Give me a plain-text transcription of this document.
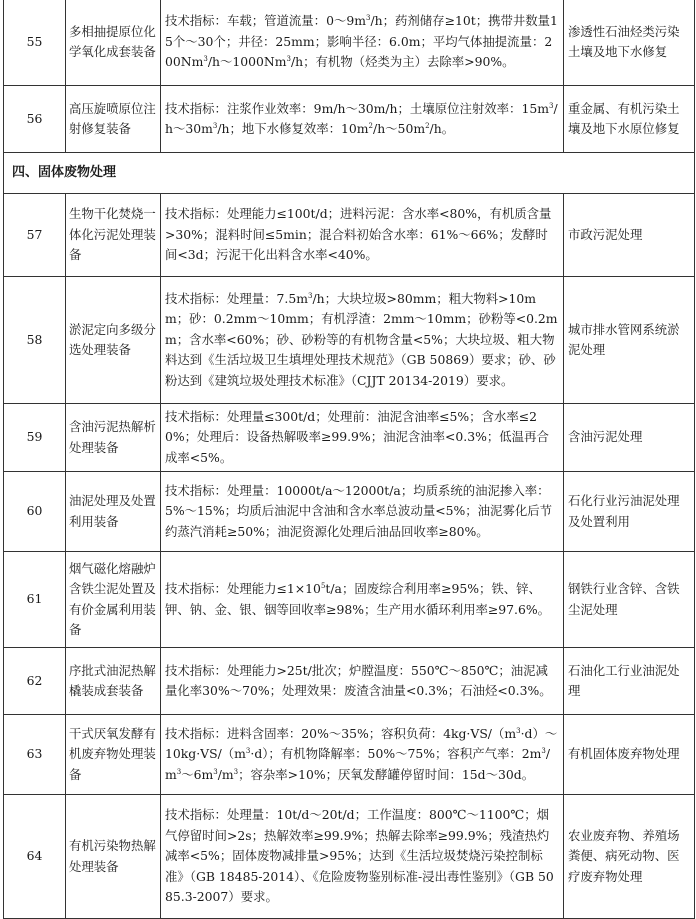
55	多相抽提原位化学氧化成套装备	技术指标：车载；管道流量：$0\sim 9m^3/h$；药剂储存≥10t；携带井数量15个～30个；井径：25mm；影响半径：6.0m；平均气体抽提流量：200Nm$^3$/h～1000Nm$^3$/h；有机物（烃类为主）去除率>90%。	渗透性石油烃类污染土壤及地下水修复
56	高压旋喷原位注射修复装备	技术指标：注浆作业效率：9m/h～30m/h；土壤原位注射效率：$15m^3/h\sim 30m^3/h$；地下水修复效率：$10m^2/h\sim 50m^2/h$。	重金属、有机污染土壤及地下水原位修复
四、固体废物处理			
57	生物干化焚烧一体化污泥处理装备	技术指标：处理能力≤100t/d；进料污泥：含水率<80%，有机质含量>30%；混料时间≤5min；混合料初始含水率：61%～66%；发酵时间<3d；污泥干化出料含水率<40%。	市政污泥处理
58	淤泥定向多级分选处理装备	技术指标：处理量：$7.5m^3/h$；大块垃圾>80mm；粗大物料>10mm；砂：0.2mm～10mm；有机浮渣：2mm～10mm；砂粉等<0.2mm；含水率<60%；砂、砂粉等的有机物含量<5%；大块垃圾、粗大物料达到《生活垃圾卫生填埋处理技术规范》（GB 50869）要求；砂、砂粉达到《建筑垃圾处理技术标准》（CJJT 20134-2019）要求。	城市排水管网系统淤泥处理
59	含油污泥热解析处理装备	技术指标：处理量≤300t/d；处理前：油泥含油率≤5%；含水率≤20%；处理后：设备热解吸率≥99.9%；油泥含油率<0.3%；低温再合成率<5%。	含油污泥处理
60	油泥处理及处置利用装备	技术指标：处理量：10000t/a～12000t/a；均质系统的油泥掺入率：5%～15%；均质后油泥中含油和含水率总波动量<5%；油泥雾化后节约蒸汽消耗≥50%；油泥资源化处理后油品回收率≥80%。	石化行业污油泥处理及处置利用
61	烟气磁化熔融炉含铁尘泥处置及有价金属利用装备	技术指标：处理能力$\le 1\times 10^5t/a$；固废综合利用率≥95%；铁、锌、钾、钠、金、银、铟等回收率≥98%；生产用水循环利用率≥97.6%。	钢铁行业含锌、含铁尘泥处理
62	序批式油泥热解橇装成套装备	技术指标：处理能力>25t/批次；炉膛温度：550℃～850℃；油泥减量化率30%～70%；处理效果：废渣含油量<0.3%；石油烃<0.3%。	石油化工行业油泥处理
63	干式厌氧发酵有机废弃物处理装备	技术指标：进料含固率：20%～35%；容积负荷：$4kg\cdot VS/(m^3\cdot d)\sim 10kg\cdot VS/(m^3\cdot d)$；有机物降解率：50%～75%；容积产气率：$2m^3/m^3\sim 6m^3/m^3$；容杂率>10%；厌氧发酵罐停留时间：15d～30d。	有机固体废弃物处理
64	有机污染物热解处理装备	技术指标：处理量：10t/d～20t/d；工作温度：800℃～1100℃；烟气停留时间>2s；热解效率≥99.9%；热解去除率≥99.9%；残渣热灼减率<5%；固体废物减排量>95%；达到《生活垃圾焚烧污染控制标准》（GB 18485-2014）、《危险废物鉴别标准-浸出毒性鉴别》（GB 5085.3-2007）要求。	农业废弃物、养殖场粪便、病死动物、医疗废弃物处理
